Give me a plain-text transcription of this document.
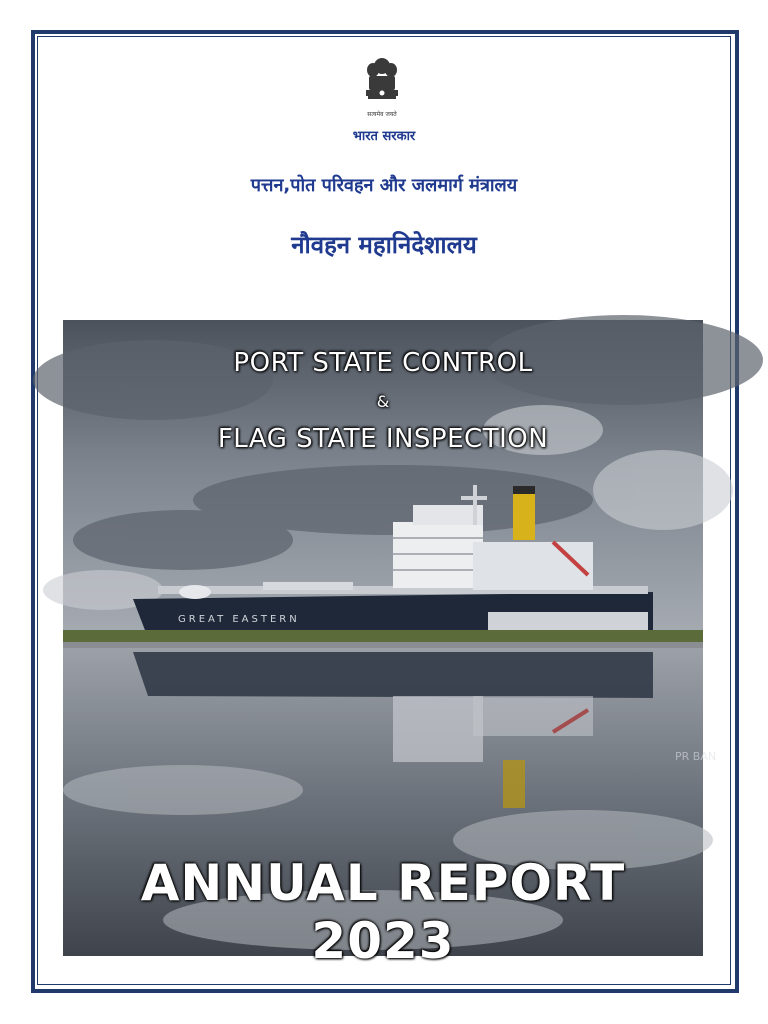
सत्यमेव जयते
भारत सरकार
पत्तन,पोत परिवहन और जलमार्ग मंत्रालय
नौवहन महानिदेशालय
GREAT EASTERN
PR BAN
PORT STATE CONTROL
&
FLAG STATE INSPECTION
ANNUAL REPORT 2023
